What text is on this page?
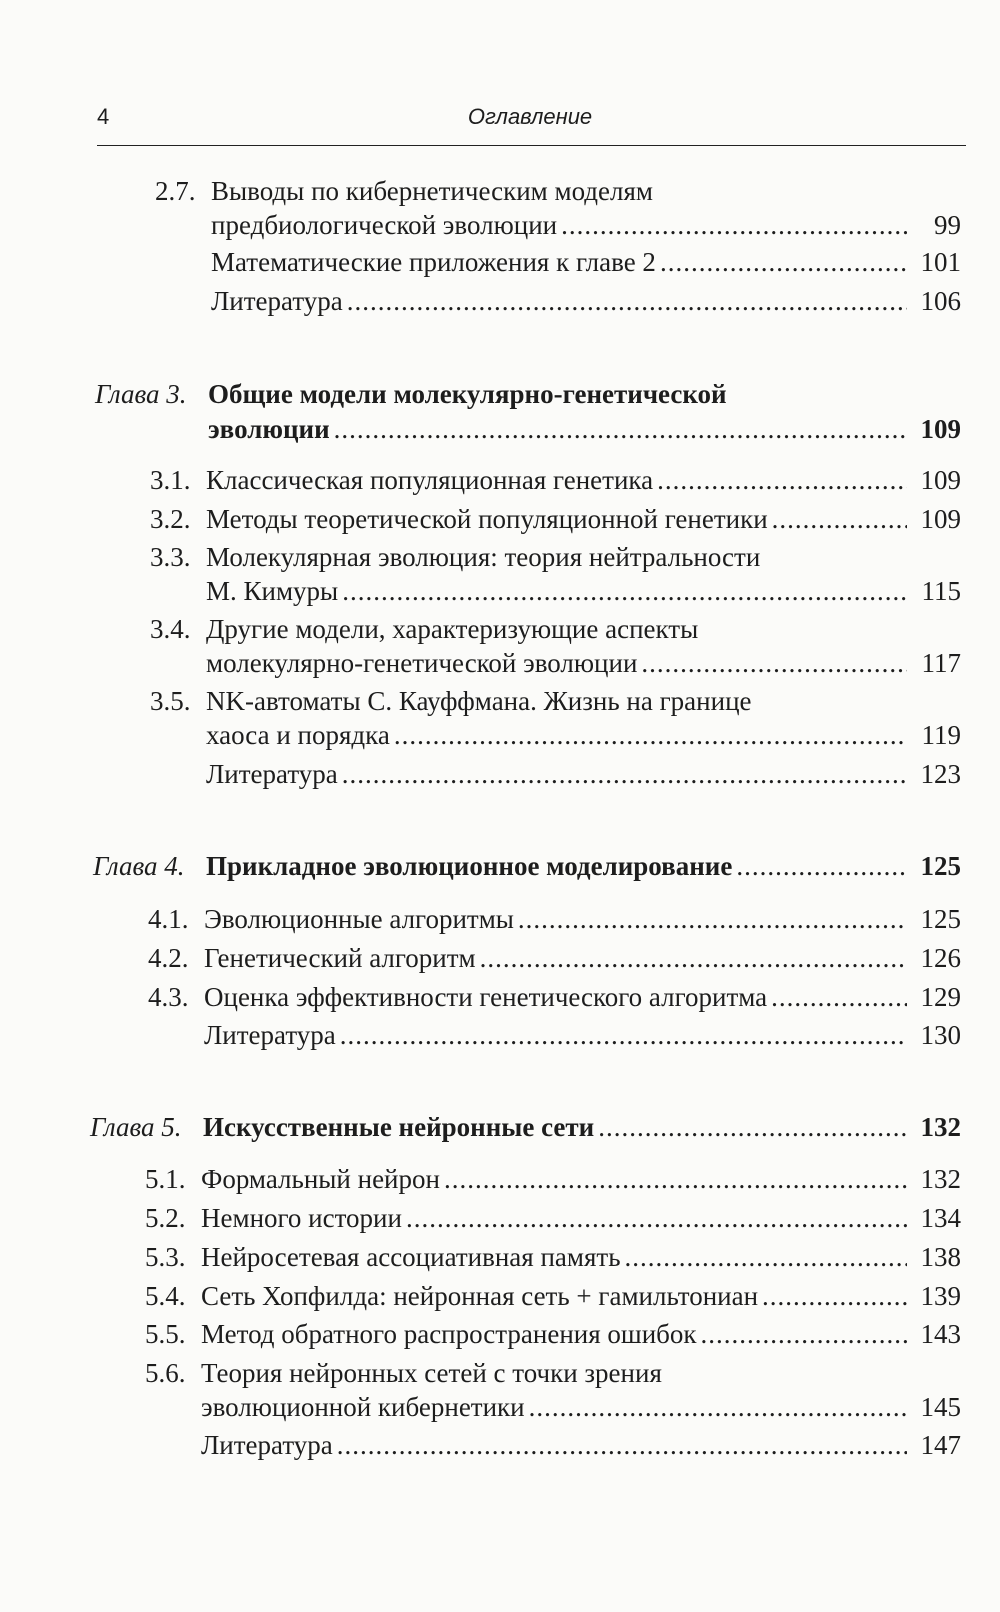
4	Оглавление
2.7. Выводы по кибернетическим моделям
предбиологической эволюции .....	99
Математические приложения к главе 2 .....	101
Литература .....	106
Глава 3. Общие модели молекулярно-генетической
эволюции .....	109
3.1. Классическая популяционная генетика .....	109
3.2. Методы теоретической популяционной генетики .....	109
3.3. Молекулярная эволюция: теория нейтральности
М. Кимуры .....	115
3.4. Другие модели, характеризующие аспекты
молекулярно-генетической эволюции .....	117
3.5. NK-автоматы С. Кауффмана. Жизнь на границе
хаоса и порядка .....	119
Литература .....	123
Глава 4. Прикладное эволюционное моделирование .....	125
4.1. Эволюционные алгоритмы .....	125
4.2. Генетический алгоритм .....	126
4.3. Оценка эффективности генетического алгоритма .....	129
Литература .....	130
Глава 5. Искусственные нейронные сети .....	132
5.1. Формальный нейрон .....	132
5.2. Немного истории .....	134
5.3. Нейросетевая ассоциативная память .....	138
5.4. Сеть Хопфилда: нейронная сеть + гамильтониан .....	139
5.5. Метод обратного распространения ошибок .....	143
5.6. Теория нейронных сетей с точки зрения
эволюционной кибернетики .....	145
Литература .....	147
